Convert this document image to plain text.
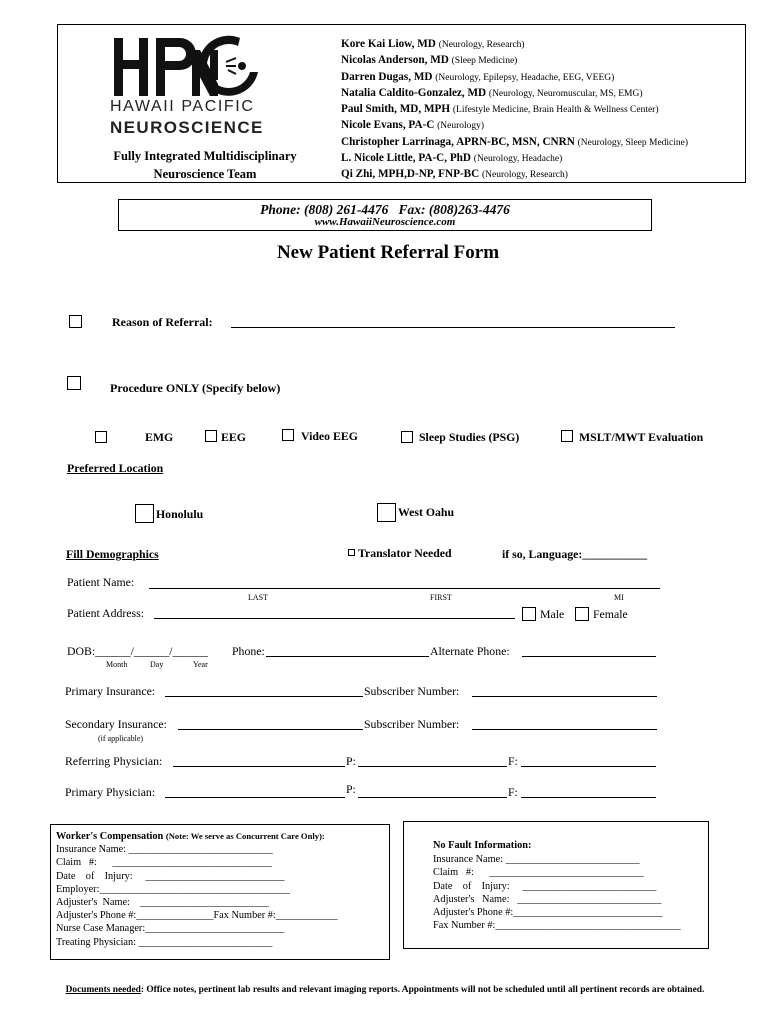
HAWAII PACIFIC
NEUROSCIENCE
Fully Integrated Multidisciplinary
Neuroscience Team
Kore Kai Liow, MD (Neurology, Research)
Nicolas Anderson, MD (Sleep Medicine)
Darren Dugas, MD (Neurology, Epilepsy, Headache, EEG, VEEG)
Natalia Caldito-Gonzalez, MD (Neurology, Neuromuscular, MS, EMG)
Paul Smith, MD, MPH (Lifestyle Medicine, Brain Health & Wellness Center)
Nicole Evans, PA-C (Neurology)
Christopher Larrinaga, APRN-BC, MSN, CNRN (Neurology, Sleep Medicine)
L. Nicole Little, PA-C, PhD (Neurology, Headache)
Qi Zhi, MPH,D-NP, FNP-BC (Neurology, Research)
Phone: (808) 261-4476   Fax: (808)263-4476
www.HawaiiNeuroscience.com
New Patient Referral Form
Reason of Referral:
Procedure ONLY (Specify below)
EMG	EEG	Video EEG	Sleep Studies (PSG)	MSLT/MWT Evaluation
Preferred Location
Honolulu	West Oahu
Fill Demographics	Translator Needed	if so, Language:___________
Patient Name:
LAST	FIRST	MI
Patient Address:	Male Female
DOB:______/______/______
Month	Day	Year
Phone:	Alternate Phone:
Primary Insurance:	Subscriber Number:
Secondary Insurance:	Subscriber Number:
(if applicable)
Referring Physician:	P:	F:
Primary Physician:	P:	F:
Worker's Compensation (Note: We serve as Concurrent Care Only):
Insurance Name: ____________________________
Claim   #:      _______________________________
Date    of    Injury:     ___________________________
Employer:_____________________________________
Adjuster's  Name:    _________________________
Adjuster's Phone #:_______________Fax Number #:____________
Nurse Case Manager:___________________________
Treating Physician: __________________________
No Fault Information:
Insurance Name: __________________________
Claim   #:      ______________________________
Date    of    Injury:     __________________________
Adjuster's   Name:   ____________________________
Adjuster's Phone #:_____________________________
Fax Number #:____________________________________
Documents needed: Office notes, pertinent lab results and relevant imaging reports. Appointments will not be scheduled until all pertinent records are obtained.
